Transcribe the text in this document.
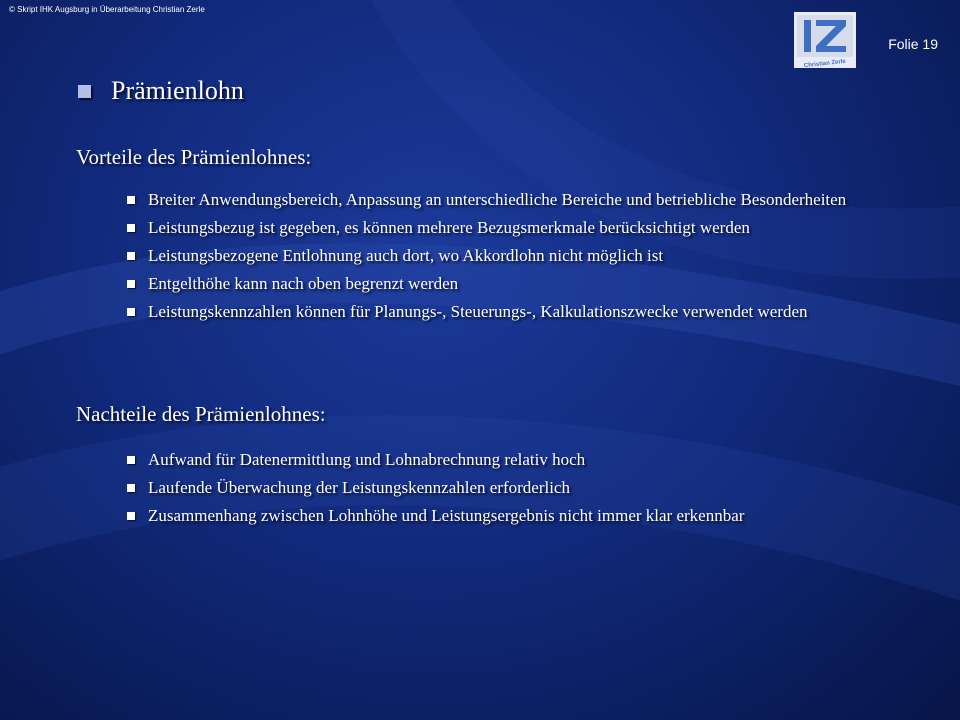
© Skript IHK Augsburg in Überarbeitung Christian Zerle
Christian Zerle
Folie 19
Prämienlohn
Vorteile des Prämienlohnes:
Breiter Anwendungsbereich, Anpassung an unterschiedliche Bereiche und betriebliche Besonderheiten
Leistungsbezug ist gegeben, es können mehrere Bezugsmerkmale berücksichtigt werden
Leistungsbezogene Entlohnung auch dort, wo Akkordlohn nicht möglich ist
Entgelthöhe kann nach oben begrenzt werden
Leistungskennzahlen können für Planungs-, Steuerungs-, Kalkulationszwecke verwendet werden
Nachteile des Prämienlohnes:
Aufwand für Datenermittlung und Lohnabrechnung relativ hoch
Laufende Überwachung der Leistungskennzahlen erforderlich
Zusammenhang zwischen Lohnhöhe und Leistungsergebnis nicht immer klar erkennbar
